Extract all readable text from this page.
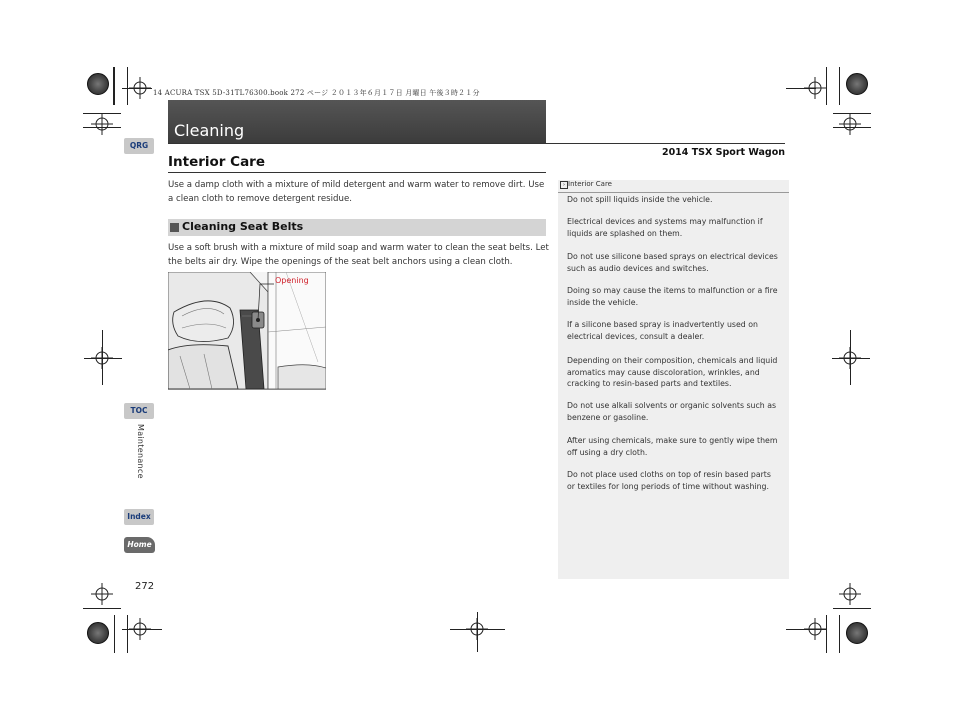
14 ACURA TSX 5D-31TL76300.book 272 ページ ２０１３年６月１７日 月曜日 午後３時２１分
Cleaning
2014 TSX Sport Wagon
QRG
TOC
Maintenance
Index
Home
Interior Care
Use a damp cloth with a mixture of mild detergent and warm water to remove dirt. Use a clean cloth to remove detergent residue.
Cleaning Seat Belts
Use a soft brush with a mixture of mild soap and warm water to clean the seat belts. Let the belts air dry. Wipe the openings of the seat belt anchors using a clean cloth.
Opening
› Interior Care
Do not spill liquids inside the vehicle.
Electrical devices and systems may malfunction if liquids are splashed on them.
Do not use silicone based sprays on electrical devices such as audio devices and switches.
Doing so may cause the items to malfunction or a fire inside the vehicle.
If a silicone based spray is inadvertently used on electrical devices, consult a dealer.
Depending on their composition, chemicals and liquid aromatics may cause discoloration, wrinkles, and cracking to resin-based parts and textiles.
Do not use alkali solvents or organic solvents such as benzene or gasoline.
After using chemicals, make sure to gently wipe them off using a dry cloth.
Do not place used cloths on top of resin based parts or textiles for long periods of time without washing.
272
